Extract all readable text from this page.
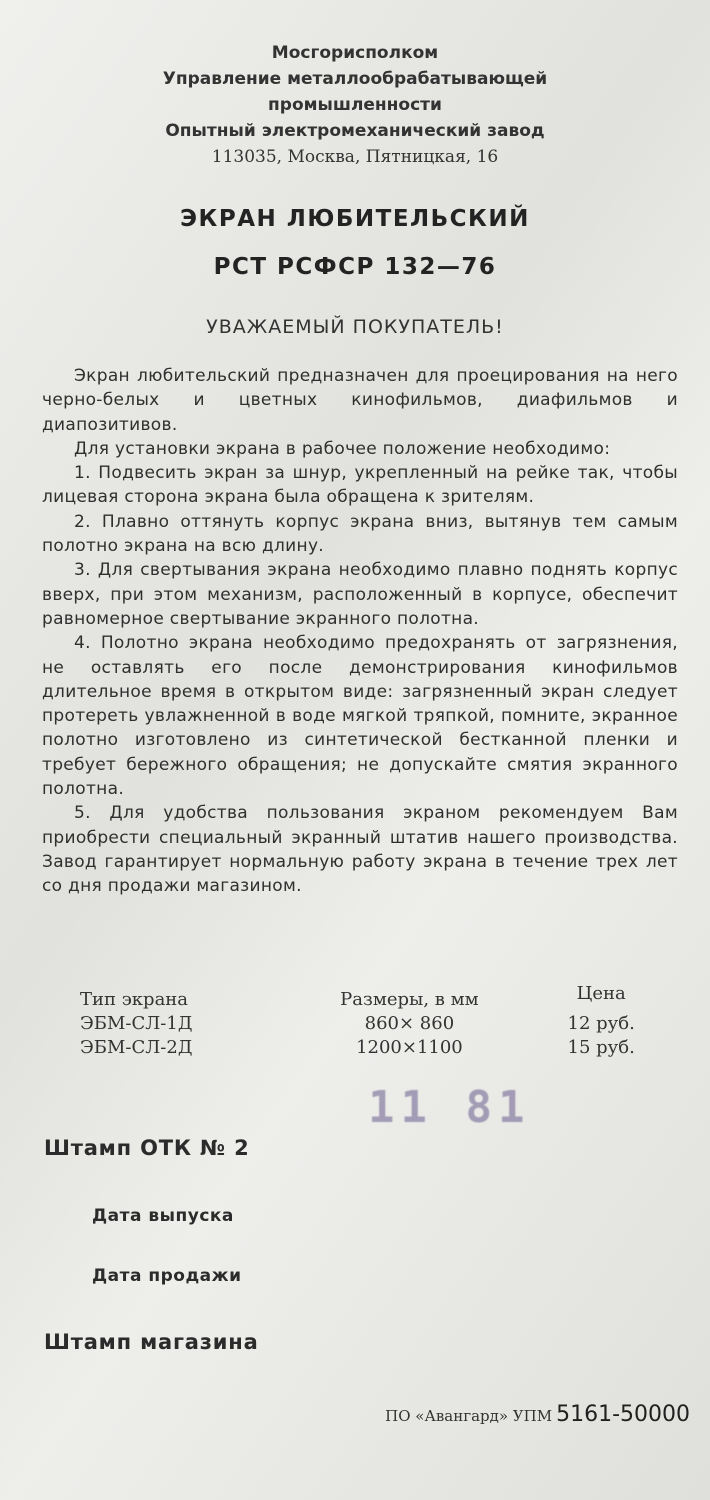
Мосгорисполком
Управление металлообрабатывающей
промышленности
Опытный электромеханический завод
113035, Москва, Пятницкая, 16
ЭКРАН ЛЮБИТЕЛЬСКИЙ
РСТ РСФСР 132—76
УВАЖАЕМЫЙ ПОКУПАТЕЛЬ!

Экран любительский предназначен для проецирования на него черно-белых и цветных кинофильмов, диафильмов и диапозитивов.

Для установки экрана в рабочее положение необходимо:

1. Подвесить экран за шнур, укрепленный на рейке так, чтобы лицевая сторона экрана была обращена к зрителям.

2. Плавно оттянуть корпус экрана вниз, вытянув тем самым полотно экрана на всю длину.

3. Для свертывания экрана необходимо плавно поднять корпус вверх, при этом механизм, расположенный в корпусе, обеспечит равномерное свертывание экранного полотна.

4. Полотно экрана необходимо предохранять от загрязнения, не оставлять его после демонстрирования кинофильмов длительное время в открытом виде: загрязненный экран следует протереть увлажненной в воде мягкой тряпкой, помните, экранное полотно изготовлено из синтетической бестканной пленки и требует бережного обращения; не допускайте смятия экранного полотна.

5. Для удобства пользования экраном рекомендуем Вам приобрести специальный экранный штатив нашего производства. Завод гарантирует нормальную работу экрана в течение трех лет со дня продажи магазином.

Тип экрана	Размеры, в мм	Цена
ЭБМ-СЛ-1Д	860× 860	12 руб.
ЭБМ-СЛ-2Д	1200×1100	15 руб.
11 81
Штамп ОТК № 2
Дата выпуска
Дата продажи
Штамп магазина
ПО «Авангард» УПМ 5161-50000
